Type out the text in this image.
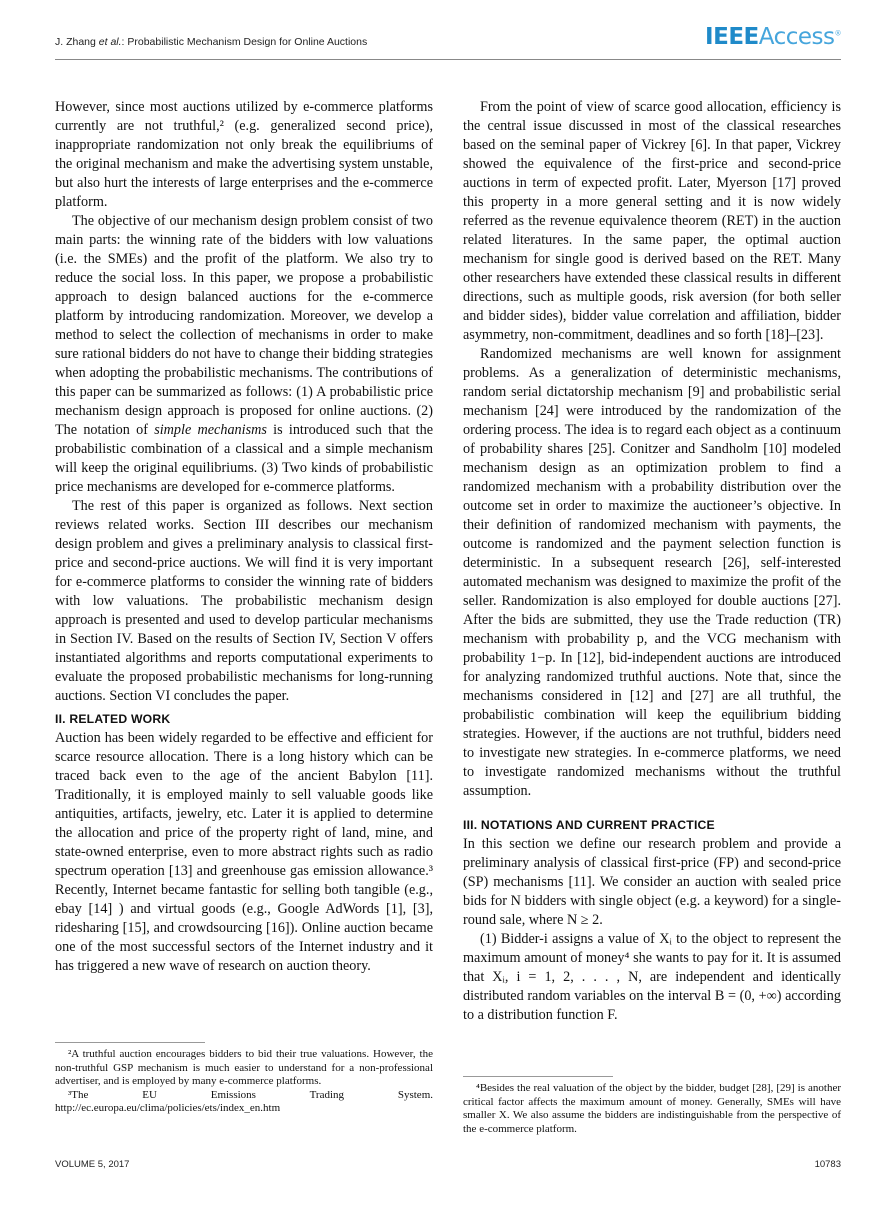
J. Zhang et al.: Probabilistic Mechanism Design for Online Auctions	IEEEAccess®

However, since most auctions utilized by e-commerce platforms currently are not truthful,² (e.g. generalized second price), inappropriate randomization not only break the equilibriums of the original mechanism and make the advertising system unstable, but also hurt the interests of large enterprises and the e-commerce platform.

The objective of our mechanism design problem consist of two main parts: the winning rate of the bidders with low valuations (i.e. the SMEs) and the profit of the platform. We also try to reduce the social loss. In this paper, we propose a probabilistic approach to design balanced auctions for the e-commerce platform by introducing randomization. Moreover, we develop a method to select the collection of mechanisms in order to make sure rational bidders do not have to change their bidding strategies when adopting the probabilistic mechanisms. The contributions of this paper can be summarized as follows: (1) A probabilistic price mechanism design approach is proposed for online auctions. (2) The notation of simple mechanisms is introduced such that the probabilistic combination of a classical and a simple mechanism will keep the original equilibriums. (3) Two kinds of probabilistic price mechanisms are developed for e-commerce platforms.

The rest of this paper is organized as follows. Next section reviews related works. Section III describes our mechanism design problem and gives a preliminary analysis to classical first-price and second-price auctions. We will find it is very important for e-commerce platforms to consider the winning rate of bidders with low valuations. The probabilistic mechanism design approach is presented and used to develop particular mechanisms in Section IV. Based on the results of Section IV, Section V offers instantiated algorithms and reports computational experiments to evaluate the proposed probabilistic mechanisms for long-running auctions. Section VI concludes the paper.

II. RELATED WORK

Auction has been widely regarded to be effective and efficient for scarce resource allocation. There is a long history which can be traced back even to the age of the ancient Babylon [11]. Traditionally, it is employed mainly to sell valuable goods like antiquities, artifacts, jewelry, etc. Later it is applied to determine the allocation and price of the property right of land, mine, and state-owned enterprise, even to more abstract rights such as radio spectrum operation [13] and greenhouse gas emission allowance.³ Recently, Internet became fantastic for selling both tangible (e.g., ebay [14] ) and virtual goods (e.g., Google AdWords [1], [3], ridesharing [15], and crowdsourcing [16]). Online auction became one of the most successful sectors of the Internet industry and it has triggered a new wave of research on auction theory.

From the point of view of scarce good allocation, efficiency is the central issue discussed in most of the classical researches based on the seminal paper of Vickrey [6]. In that paper, Vickrey showed the equivalence of the first-price and second-price auctions in term of expected profit. Later, Myerson [17] proved this property in a more general setting and it is now widely referred as the revenue equivalence theorem (RET) in the auction related literatures. In the same paper, the optimal auction mechanism for single good is derived based on the RET. Many other researchers have extended these classical results in different directions, such as multiple goods, risk aversion (for both seller and bidder sides), bidder value correlation and affiliation, bidder asymmetry, non-commitment, deadlines and so forth [18]–[23].

Randomized mechanisms are well known for assignment problems. As a generalization of deterministic mechanisms, random serial dictatorship mechanism [9] and probabilistic serial mechanism [24] were introduced by the randomization of the ordering process. The idea is to regard each object as a continuum of probability shares [25]. Conitzer and Sandholm [10] modeled mechanism design as an optimization problem to find a randomized mechanism with a probability distribution over the outcome set in order to maximize the auctioneer’s objective. In their definition of randomized mechanism with payments, the outcome is randomized and the payment selection function is deterministic. In a subsequent research [26], self-interested automated mechanism was designed to maximize the profit of the seller. Randomization is also employed for double auctions [27]. After the bids are submitted, they use the Trade reduction (TR) mechanism with probability p, and the VCG mechanism with probability 1−p. In [12], bid-independent auctions are introduced for analyzing randomized truthful auctions. Note that, since the mechanisms considered in [12] and [27] are all truthful, the probabilistic combination will keep the equilibrium bidding strategies. However, if the auctions are not truthful, bidders need to investigate new strategies. In e-commerce platforms, we need to investigate randomized mechanisms without the truthful assumption.

III. NOTATIONS AND CURRENT PRACTICE

In this section we define our research problem and provide a preliminary analysis of classical first-price (FP) and second-price (SP) mechanisms [11]. We consider an auction with sealed price bids for N bidders with single object (e.g. a keyword) for a single-round sale, where N ≥ 2.

(1) Bidder-i assigns a value of Xᵢ to the object to represent the maximum amount of money⁴ she wants to pay for it. It is assumed that Xᵢ, i = 1, 2, . . . , N, are independent and identically distributed random variables on the interval B = (0, +∞) according to a distribution function F.

²A truthful auction encourages bidders to bid their true valuations. However, the non-truthful GSP mechanism is much easier to understand for a non-professional advertiser, and is employed by many e-commerce platforms.

³The EU Emissions Trading System. http://ec.europa.eu/clima/policies/ets/index_en.htm

⁴Besides the real valuation of the object by the bidder, budget [28], [29] is another critical factor affects the maximum amount of money. Generally, SMEs will have smaller X. We also assume the bidders are indistinguishable from the perspective of the e-commerce platform.

VOLUME 5, 2017	10783
